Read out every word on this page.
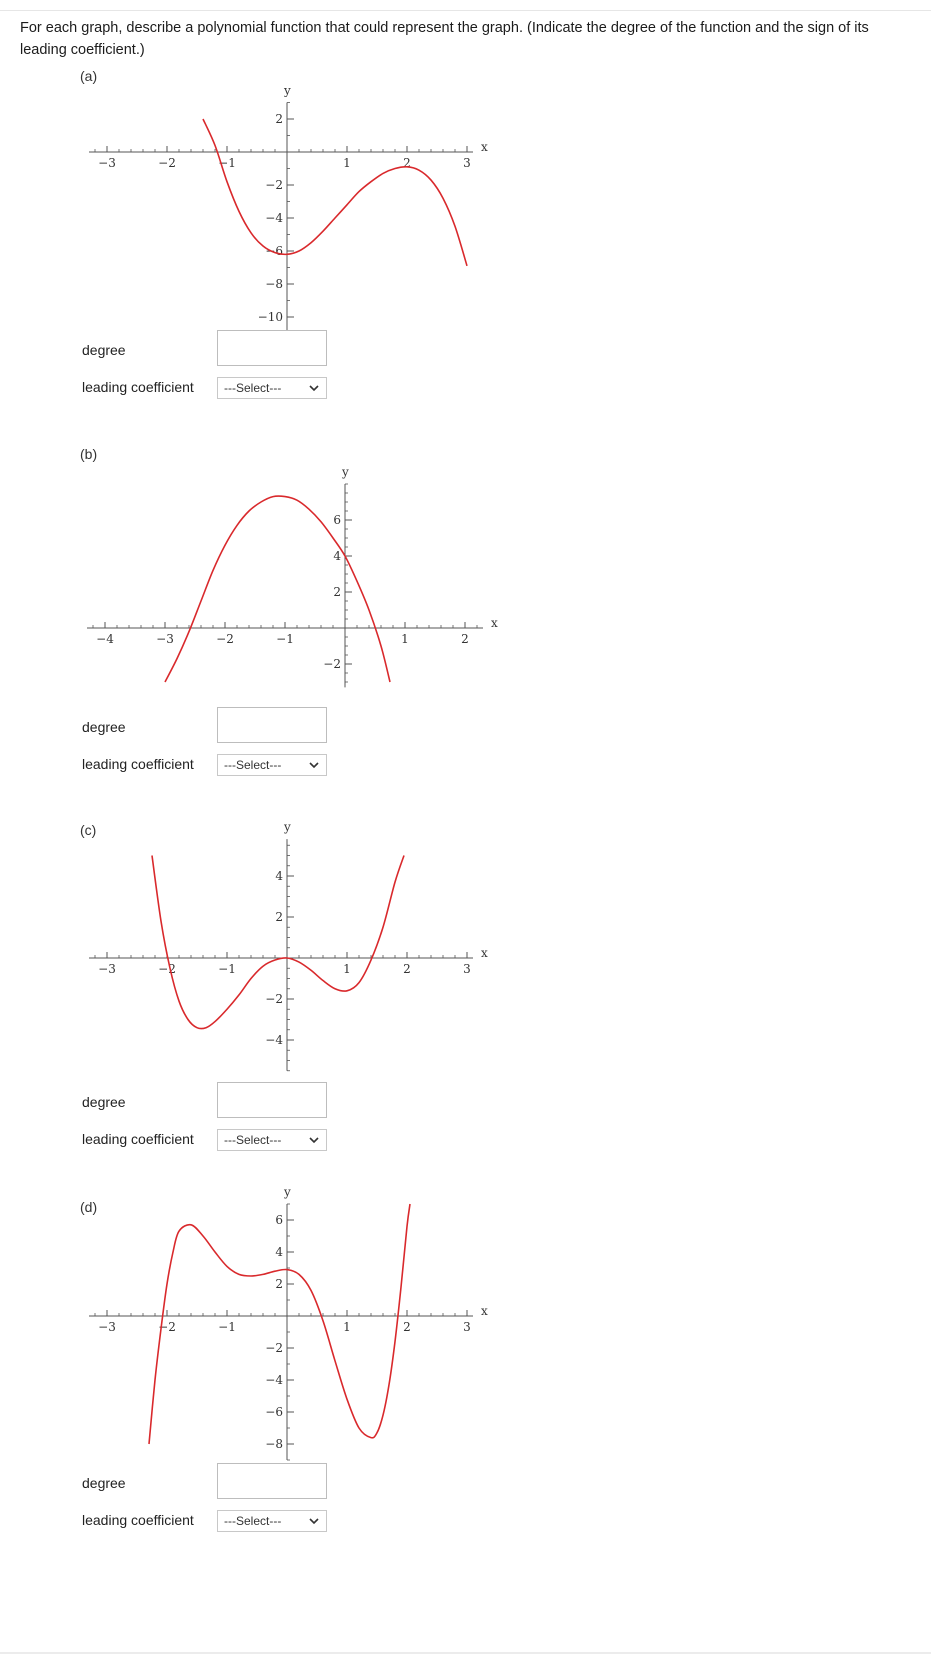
For each graph, describe a polynomial function that could represent the graph. (Indicate the degree of the function and the sign of its leading coefficient.)
(a)
−3	−2	−1	1	2	3
2
−2
−4
−6
−8
−10
x
y
degree
leading coefficient	---Select---
(b)
−4	−3	−2	−1	1	2
6
4
2
−2
x
y
degree
leading coefficient	---Select---
(c)
−3	−2	−1	1	2	3
4
2
−2
−4
x
y
degree
leading coefficient	---Select---
(d)
−3	−2	−1	1	2	3
6
4
2
−2
−4
−6
−8
x
y
degree
leading coefficient	---Select---
